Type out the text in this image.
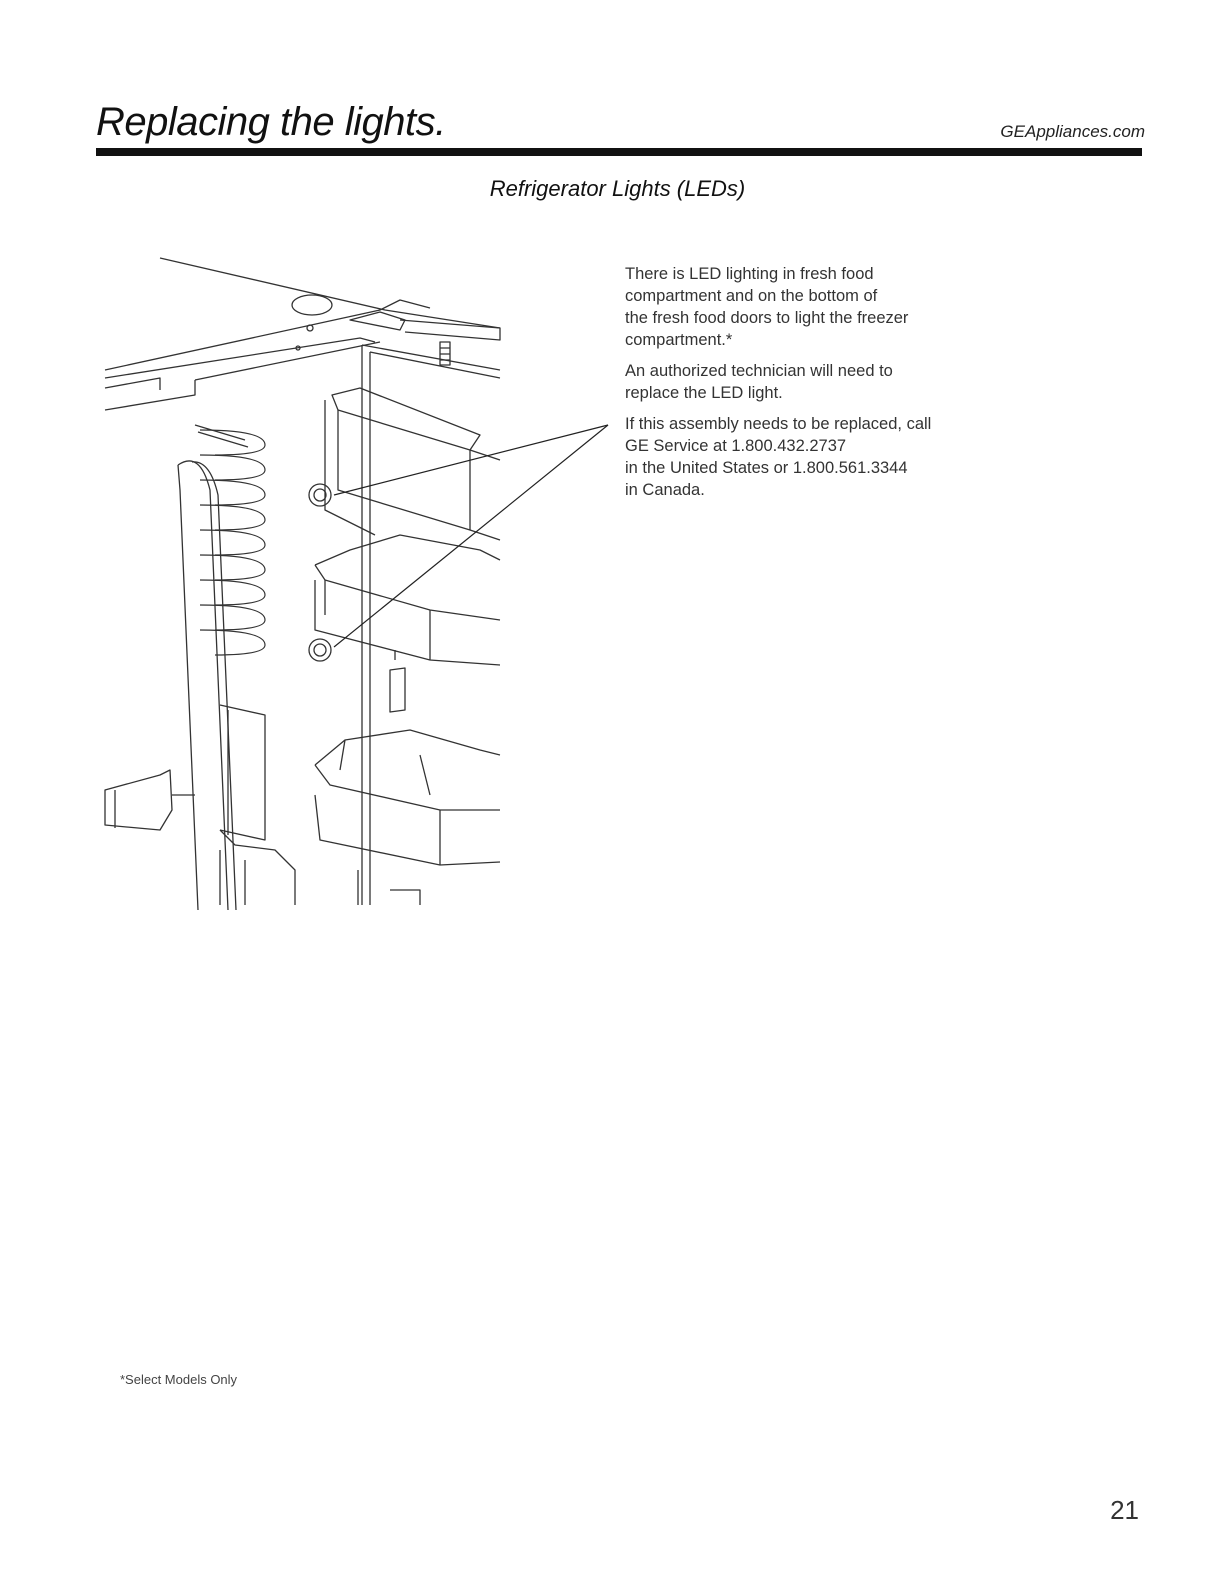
Replacing the lights.	GEAppliances.com
Refrigerator Lights (LEDs)

There is LED lighting in fresh food
compartment and on the bottom of
the fresh food doors to light the freezer
compartment.*

An authorized technician will need to
replace the LED light.

If this assembly needs to be replaced, call
GE Service at 1.800.432.2737
in the United States or 1.800.561.3344
in Canada.

*Select Models Only
21
